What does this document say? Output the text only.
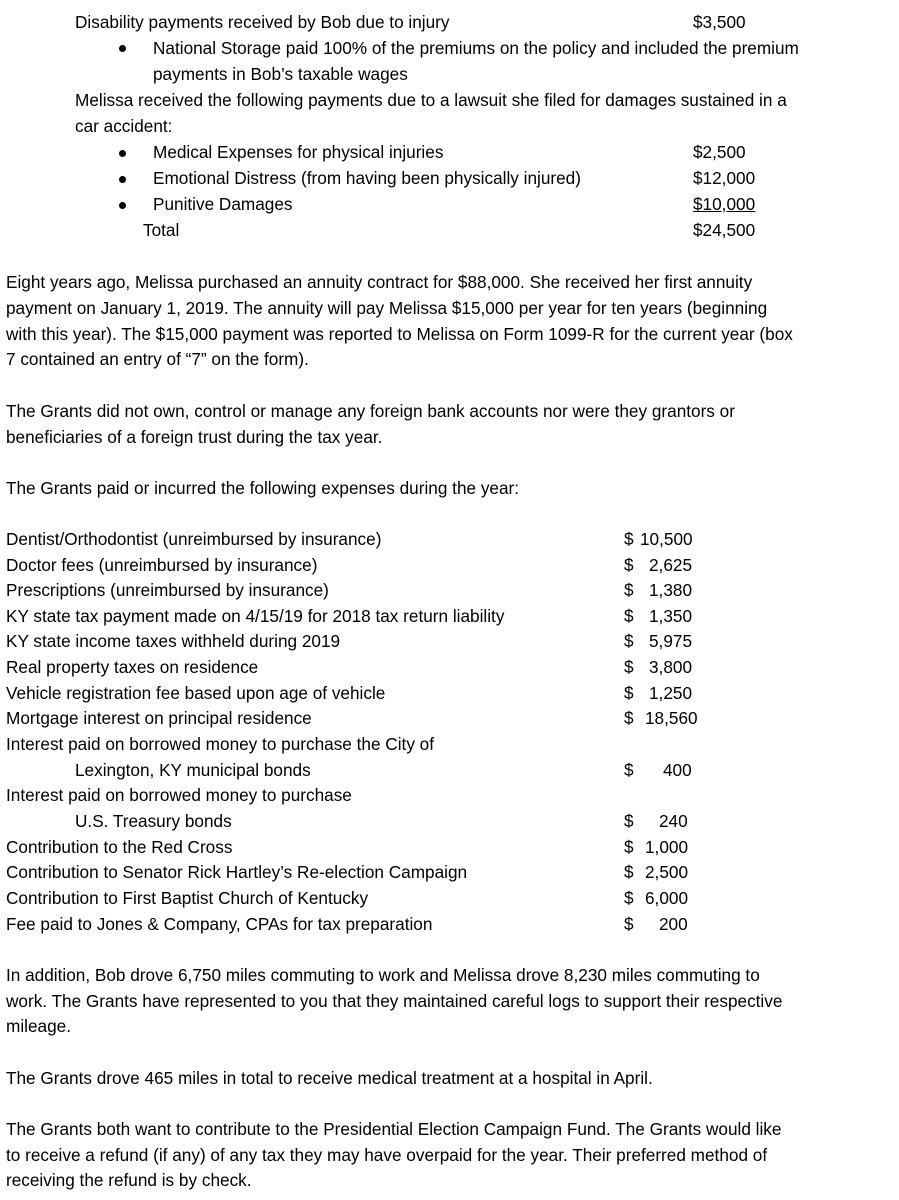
Disability payments received by Bob due to injury	$3,500
National Storage paid 100% of the premiums on the policy and included the premium
payments in Bob’s taxable wages
Melissa received the following payments due to a lawsuit she filed for damages sustained in a
car accident:
Medical Expenses for physical injuries	$2,500
Emotional Distress (from having been physically injured)	$12,000
Punitive Damages	$10,000
Total	$24,500
Eight years ago, Melissa purchased an annuity contract for $88,000. She received her first annuity
payment on January 1, 2019. The annuity will pay Melissa $15,000 per year for ten years (beginning
with this year). The $15,000 payment was reported to Melissa on Form 1099-R for the current year (box
7 contained an entry of “7” on the form).
The Grants did not own, control or manage any foreign bank accounts nor were they grantors or
beneficiaries of a foreign trust during the tax year.
The Grants paid or incurred the following expenses during the year:
Dentist/Orthodontist (unreimbursed by insurance)	$ 10,500
Doctor fees (unreimbursed by insurance)	$ 2,625
Prescriptions (unreimbursed by insurance)	$ 1,380
KY state tax payment made on 4/15/19 for 2018 tax return liability	$ 1,350
KY state income taxes withheld during 2019	$ 5,975
Real property taxes on residence	$ 3,800
Vehicle registration fee based upon age of vehicle	$ 1,250
Mortgage interest on principal residence	$ 18,560
Interest paid on borrowed money to purchase the City of
Lexington, KY municipal bonds	$ 400
Interest paid on borrowed money to purchase
U.S. Treasury bonds	$ 240
Contribution to the Red Cross	$ 1,000
Contribution to Senator Rick Hartley’s Re-election Campaign	$ 2,500
Contribution to First Baptist Church of Kentucky	$ 6,000
Fee paid to Jones & Company, CPAs for tax preparation	$ 200
In addition, Bob drove 6,750 miles commuting to work and Melissa drove 8,230 miles commuting to
work. The Grants have represented to you that they maintained careful logs to support their respective
mileage.
The Grants drove 465 miles in total to receive medical treatment at a hospital in April.
The Grants both want to contribute to the Presidential Election Campaign Fund. The Grants would like
to receive a refund (if any) of any tax they may have overpaid for the year. Their preferred method of
receiving the refund is by check.
